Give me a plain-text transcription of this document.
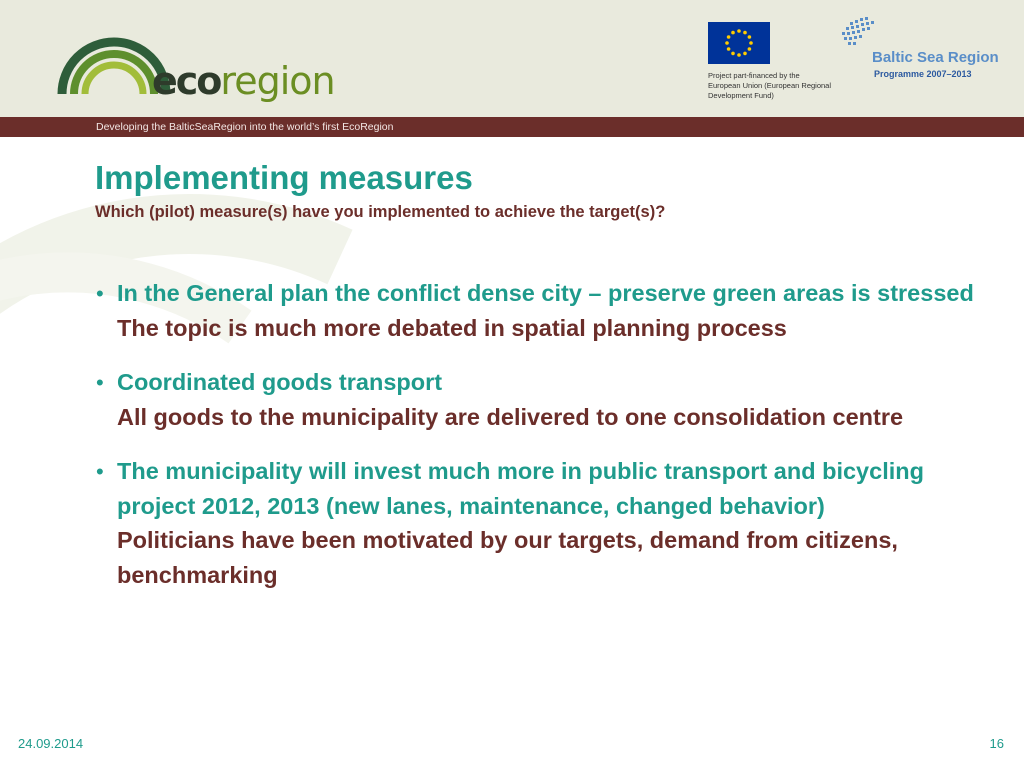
ecoregion	Project part-financed by the European Union (European Regional Development Fund)
Baltic Sea Region
Programme 2007–2013
Developing the BalticSeaRegion into the world’s first EcoRegion
Implementing measures
Which (pilot) measure(s) have you implemented to achieve the target(s)?
• In the General plan the conflict dense city – preserve green areas is stressed
The topic is much more debated in spatial planning process
• Coordinated goods transport
All goods to the municipality are delivered to one consolidation centre
• The municipality will invest much more in public transport and bicycling project 2012, 2013 (new lanes, maintenance, changed behavior)
Politicians have been motivated by our targets, demand from citizens, benchmarking
24.09.2014	16
